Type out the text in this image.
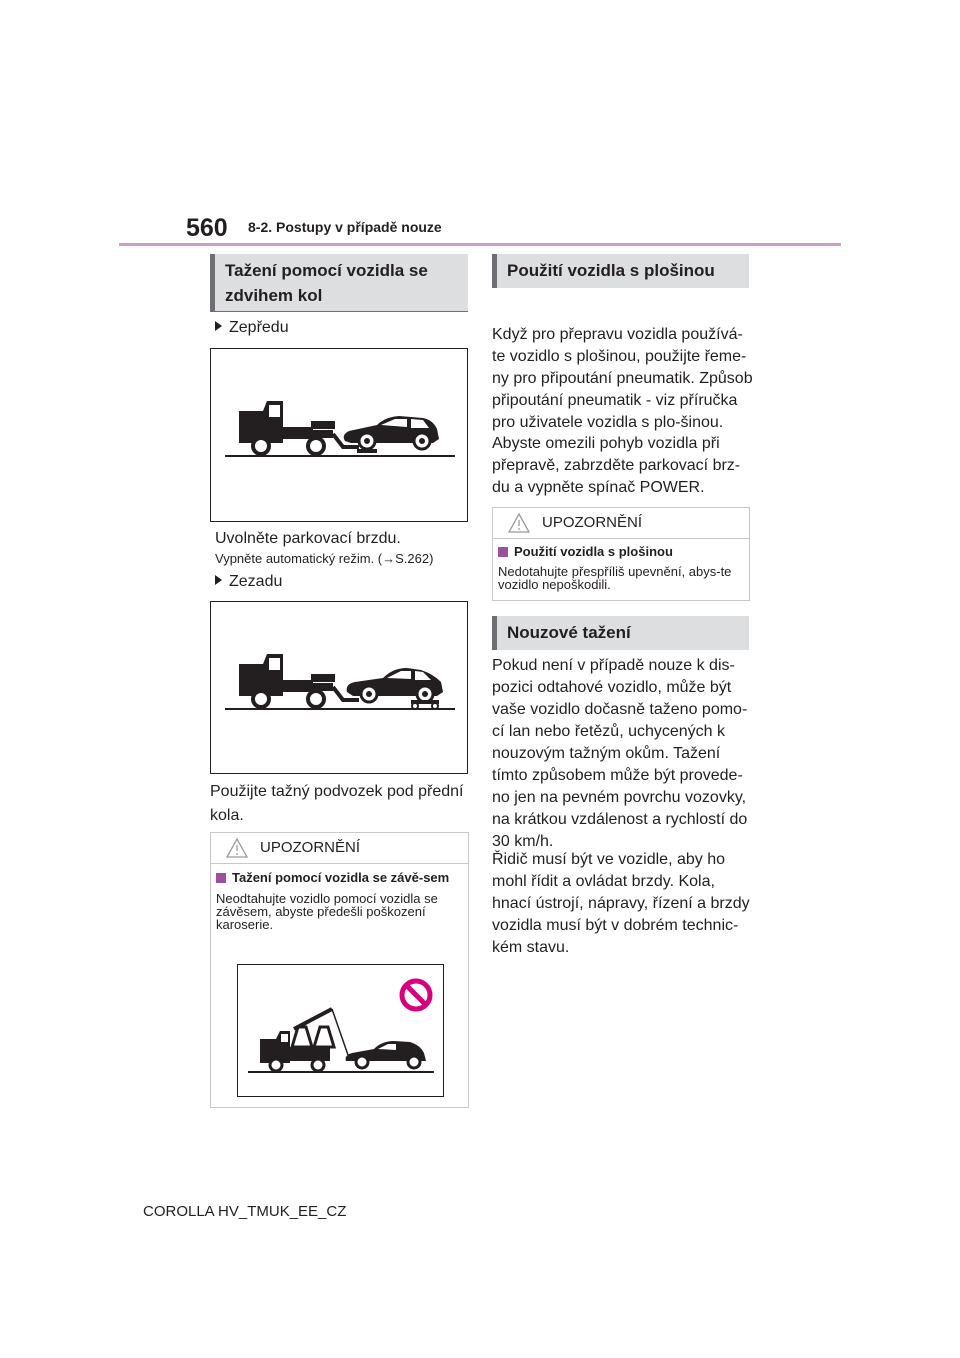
560 8-2. Postupy v případě nouze
Tažení pomocí vozidla se zdvihem kol
Zepředu
Uvolněte parkovací brzdu.
Vypněte automatický režim. (→S.262)
Zezadu
Použijte tažný podvozek pod přední kola.
UPOZORNĚNÍ
Tažení pomocí vozidla se závě-sem
Neodtahujte vozidlo pomocí vozidla se závěsem, abyste předešli poškození karoserie.
Použití vozidla s plošinou
Když pro přepravu vozidla používá-te vozidlo s plošinou, použijte řeme-ny pro připoutání pneumatik. Způsob připoutání pneumatik - viz příručka pro uživatele vozidla s plo-šinou.
Abyste omezili pohyb vozidla při přepravě, zabrzděte parkovací brz-du a vypněte spínač POWER.
UPOZORNĚNÍ
Použití vozidla s plošinou
Nedotahujte přespříliš upevnění, abys-te vozidlo nepoškodili.
Nouzové tažení
Pokud není v případě nouze k dis-pozici odtahové vozidlo, může být vaše vozidlo dočasně taženo pomo-cí lan nebo řetězů, uchycených k nouzovým tažným okům. Tažení tímto způsobem může být provede-no jen na pevném povrchu vozovky, na krátkou vzdálenost a rychlostí do 30 km/h.
Řidič musí být ve vozidle, aby ho mohl řídit a ovládat brzdy. Kola, hnací ústrojí, nápravy, řízení a brzdy vozidla musí být v dobrém technic-kém stavu.
COROLLA HV_TMUK_EE_CZ
